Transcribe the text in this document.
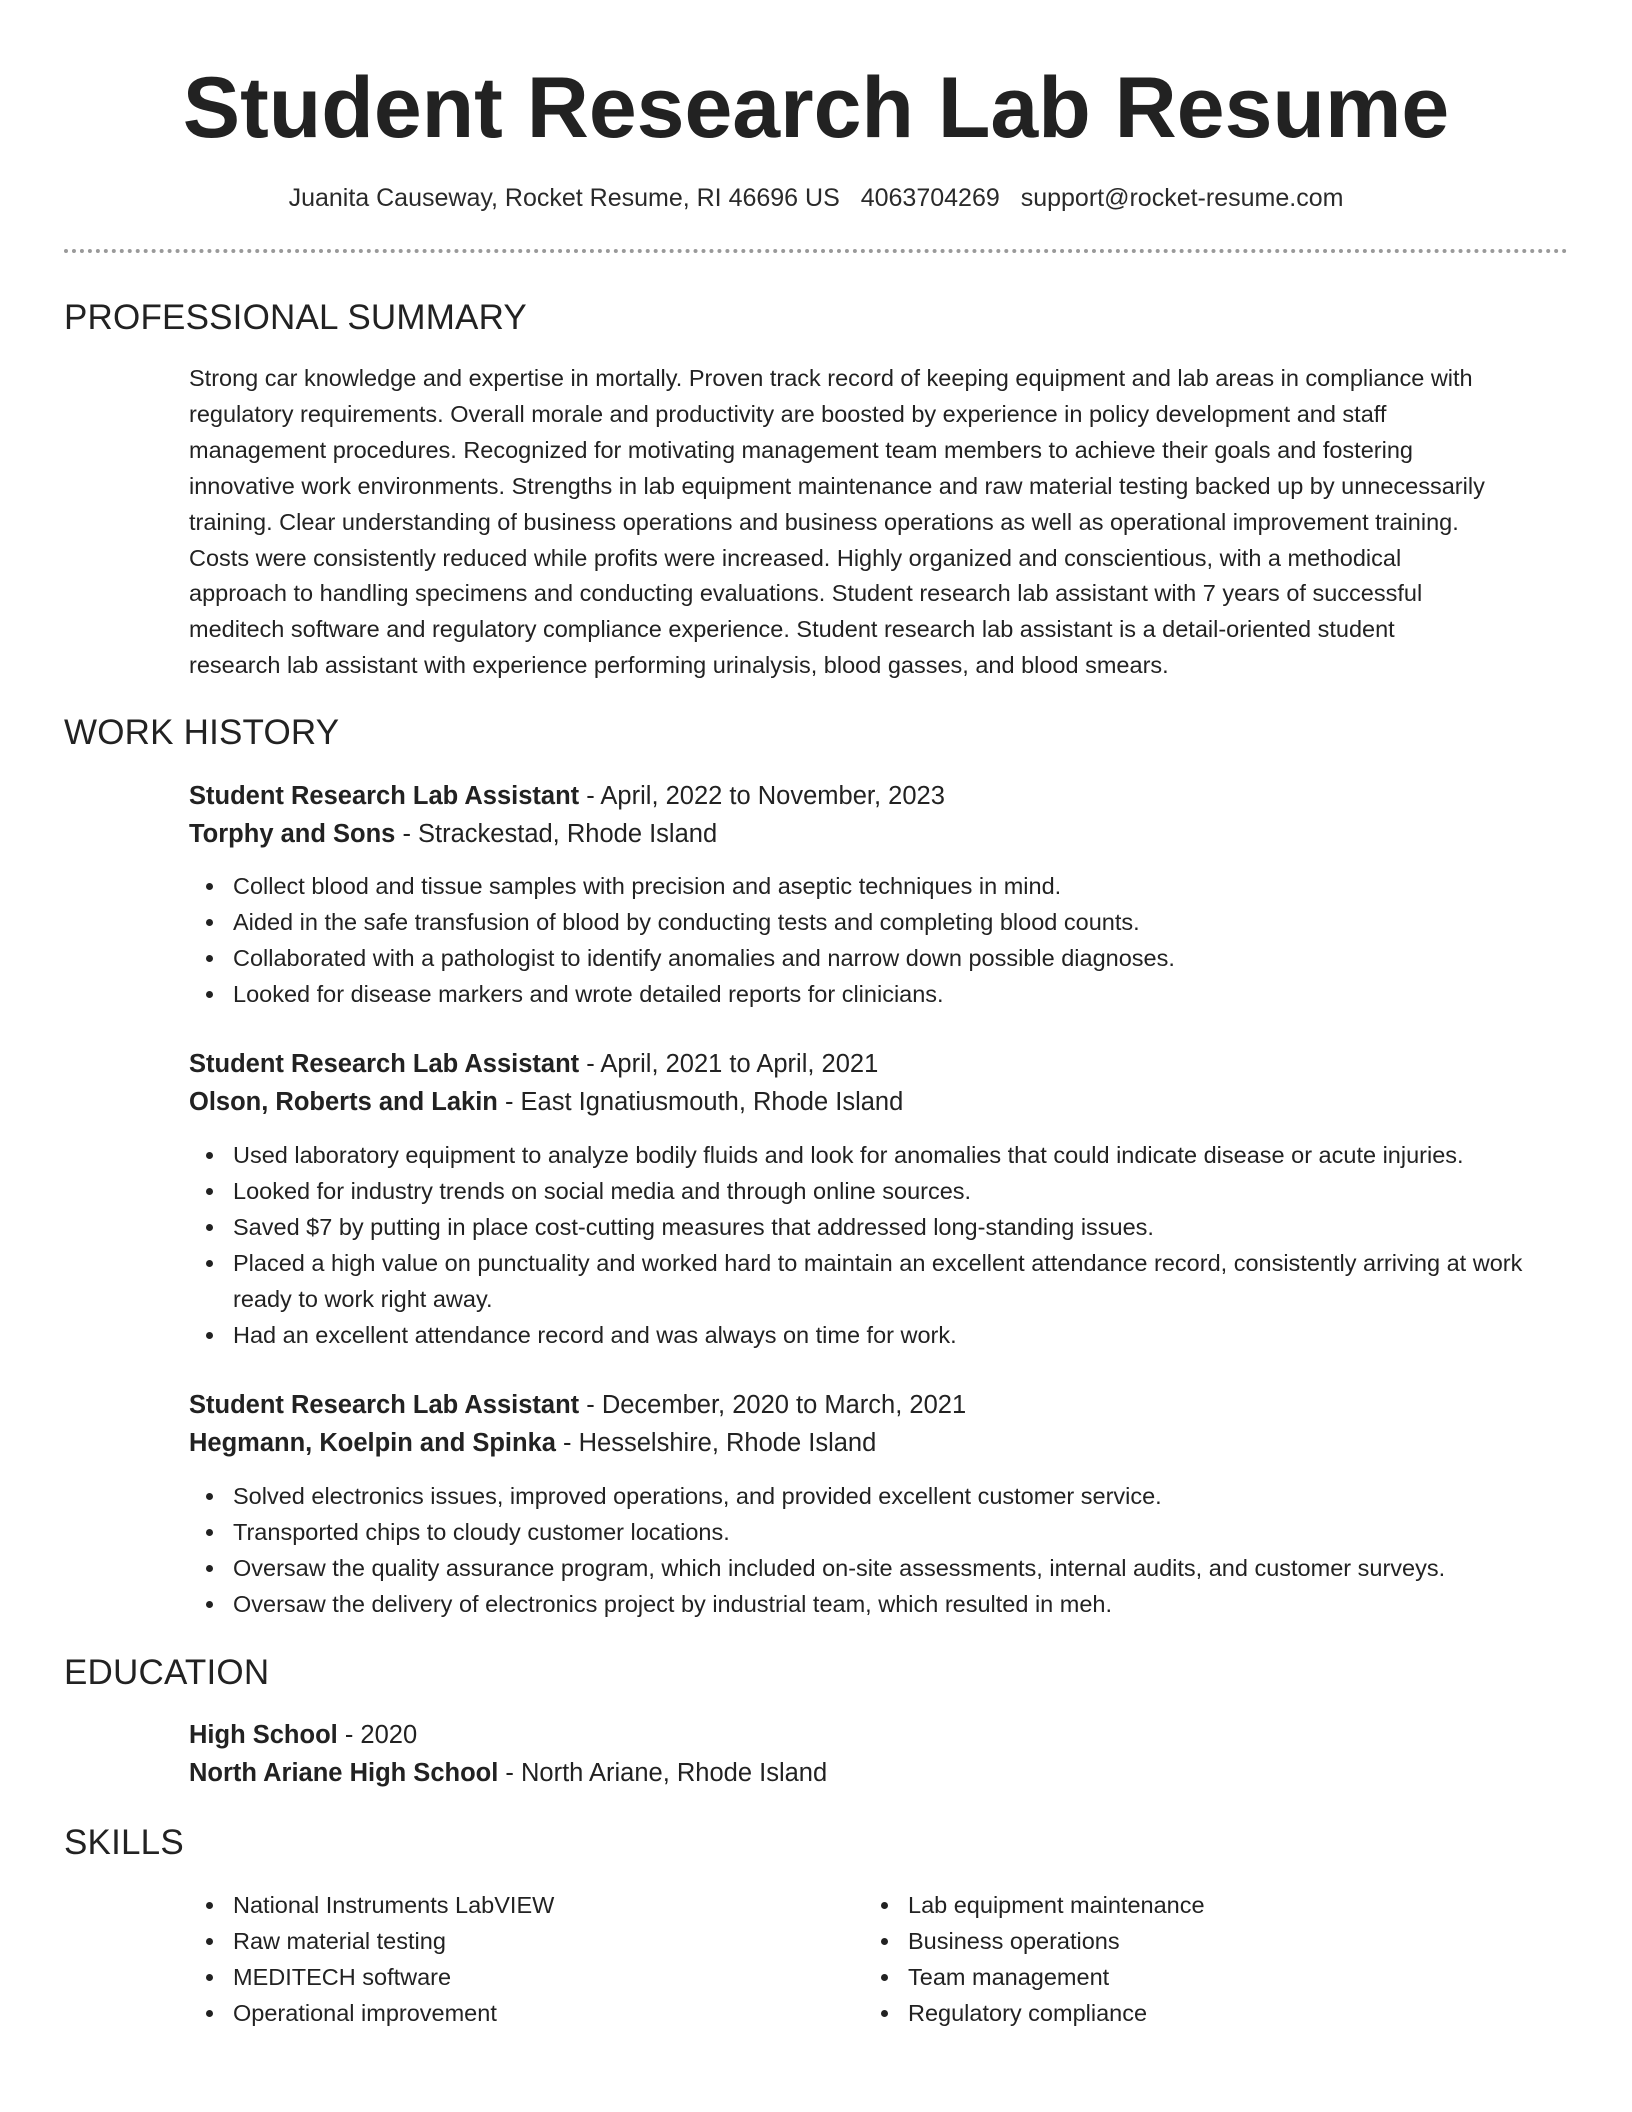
Student Research Lab Resume
Juanita Causeway, Rocket Resume, RI 46696 US 4063704269 support@rocket-resume.com
PROFESSIONAL SUMMARY
Strong car knowledge and expertise in mortally. Proven track record of keeping equipment and lab areas in compliance with
regulatory requirements. Overall morale and productivity are boosted by experience in policy development and staff
management procedures. Recognized for motivating management team members to achieve their goals and fostering
innovative work environments. Strengths in lab equipment maintenance and raw material testing backed up by unnecessarily
training. Clear understanding of business operations and business operations as well as operational improvement training.
Costs were consistently reduced while profits were increased. Highly organized and conscientious, with a methodical
approach to handling specimens and conducting evaluations. Student research lab assistant with 7 years of successful
meditech software and regulatory compliance experience. Student research lab assistant is a detail-oriented student
research lab assistant with experience performing urinalysis, blood gasses, and blood smears.
WORK HISTORY

Student Research Lab Assistant - April, 2022 to November, 2023

Torphy and Sons - Strackestad, Rhode Island

Collect blood and tissue samples with precision and aseptic techniques in mind.
Aided in the safe transfusion of blood by conducting tests and completing blood counts.
Collaborated with a pathologist to identify anomalies and narrow down possible diagnoses.
Looked for disease markers and wrote detailed reports for clinicians.

Student Research Lab Assistant - April, 2021 to April, 2021

Olson, Roberts and Lakin - East Ignatiusmouth, Rhode Island

Used laboratory equipment to analyze bodily fluids and look for anomalies that could indicate disease or acute injuries.
Looked for industry trends on social media and through online sources.
Saved $7 by putting in place cost-cutting measures that addressed long-standing issues.
Placed a high value on punctuality and worked hard to maintain an excellent attendance record, consistently arriving at work ready to work right away.
Had an excellent attendance record and was always on time for work.

Student Research Lab Assistant - December, 2020 to March, 2021

Hegmann, Koelpin and Spinka - Hesselshire, Rhode Island

Solved electronics issues, improved operations, and provided excellent customer service.
Transported chips to cloudy customer locations.
Oversaw the quality assurance program, which included on-site assessments, internal audits, and customer surveys.
Oversaw the delivery of electronics project by industrial team, which resulted in meh.
EDUCATION

High School - 2020

North Ariane High School - North Ariane, Rhode Island

SKILLS
National Instruments LabVIEW
Raw material testing
MEDITECH software
Operational improvement
Lab equipment maintenance
Business operations
Team management
Regulatory compliance
